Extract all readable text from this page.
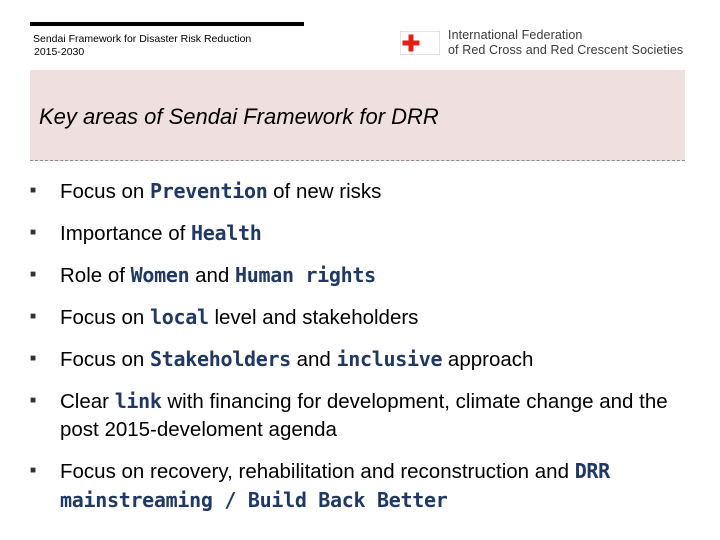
Sendai Framework for Disaster Risk Reduction
2015-2030
International Federation
of Red Cross and Red Crescent Societies
Key areas of Sendai Framework for DRR
■ Focus on Prevention of new risks
■ Importance of Health
■ Role of Women and Human rights
■ Focus on local level and stakeholders
■ Focus on Stakeholders and inclusive approach
■ Clear link with financing for development, climate change and the post 2015-develoment agenda
■ Focus on recovery, rehabilitation and reconstruction and DRR mainstreaming / Build Back Better
